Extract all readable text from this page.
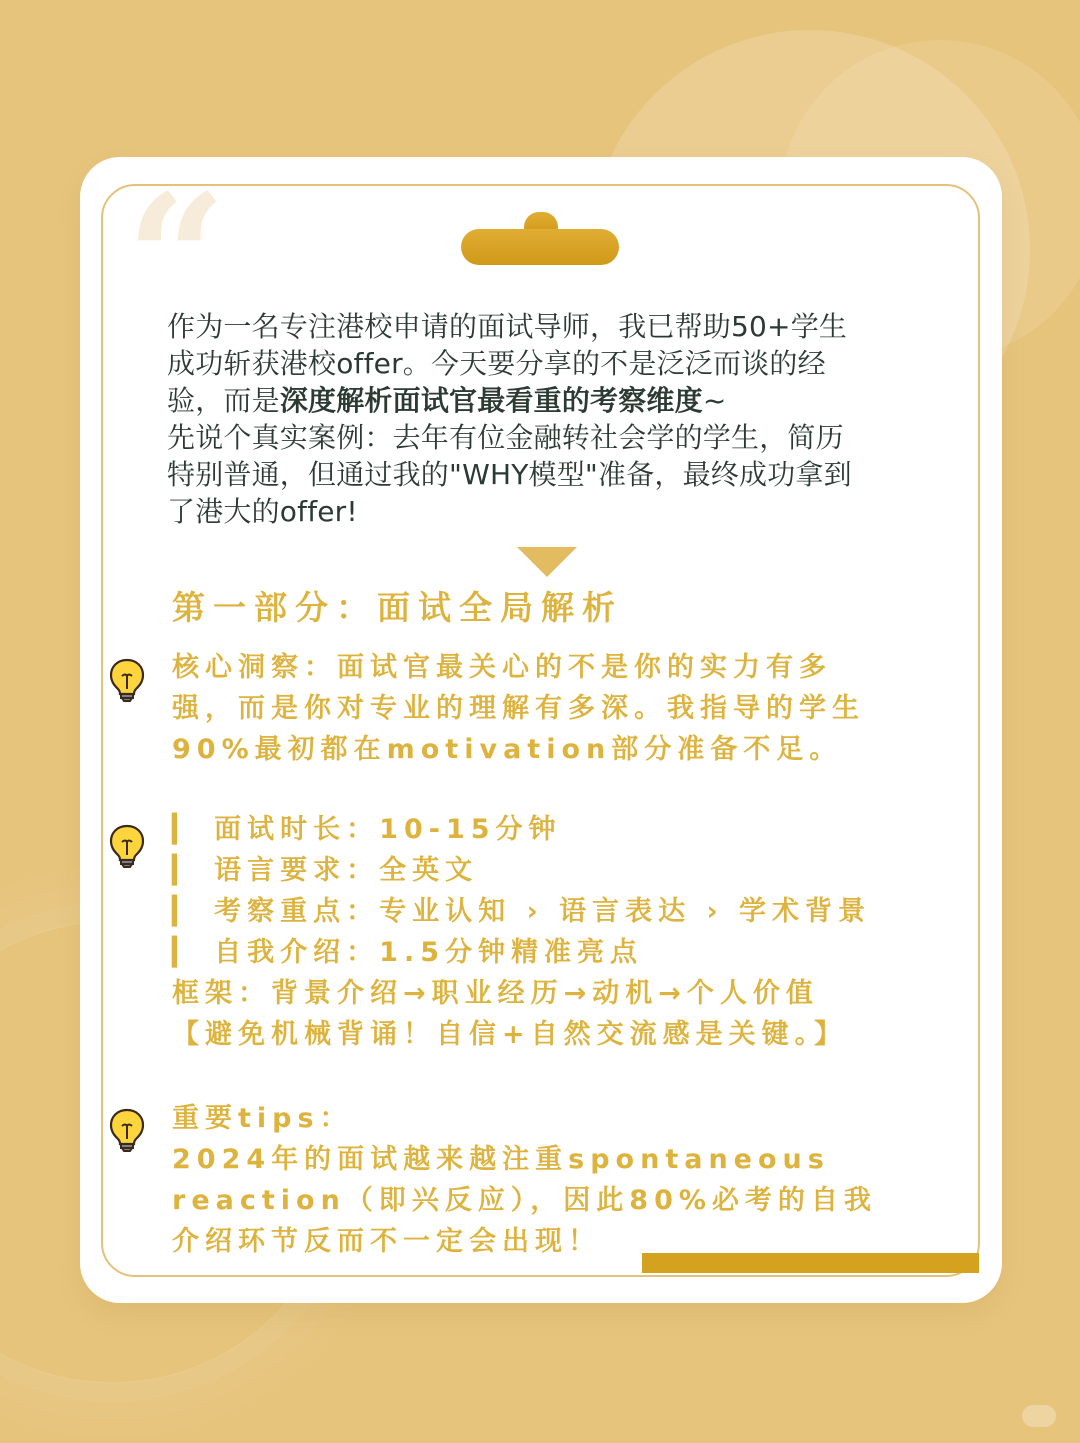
“
作为一名专注港校申请的面试导师，我已帮助50+学生
成功斩获港校offer。今天要分享的不是泛泛而谈的经
验，而是深度解析面试官最看重的考察维度~
先说个真实案例：去年有位金融转社会学的学生，简历
特别普通，但通过我的"WHY模型"准备，最终成功拿到
了港大的offer!
第一部分：面试全局解析
核心洞察：面试官最关心的不是你的实力有多
强，而是你对专业的理解有多深。我指导的学生
90%最初都在motivation部分准备不足。
▎ 面试时长：10-15分钟
▎ 语言要求：全英文
▎ 考察重点：专业认知 › 语言表达 › 学术背景
▎ 自我介绍：1.5分钟精准亮点
框架：背景介绍→职业经历→动机→个人价值
【避免机械背诵！自信+自然交流感是关键。】
重要tips：
2024年的面试越来越注重spontaneous
reaction（即兴反应），因此80%必考的自我
介绍环节反而不一定会出现！
